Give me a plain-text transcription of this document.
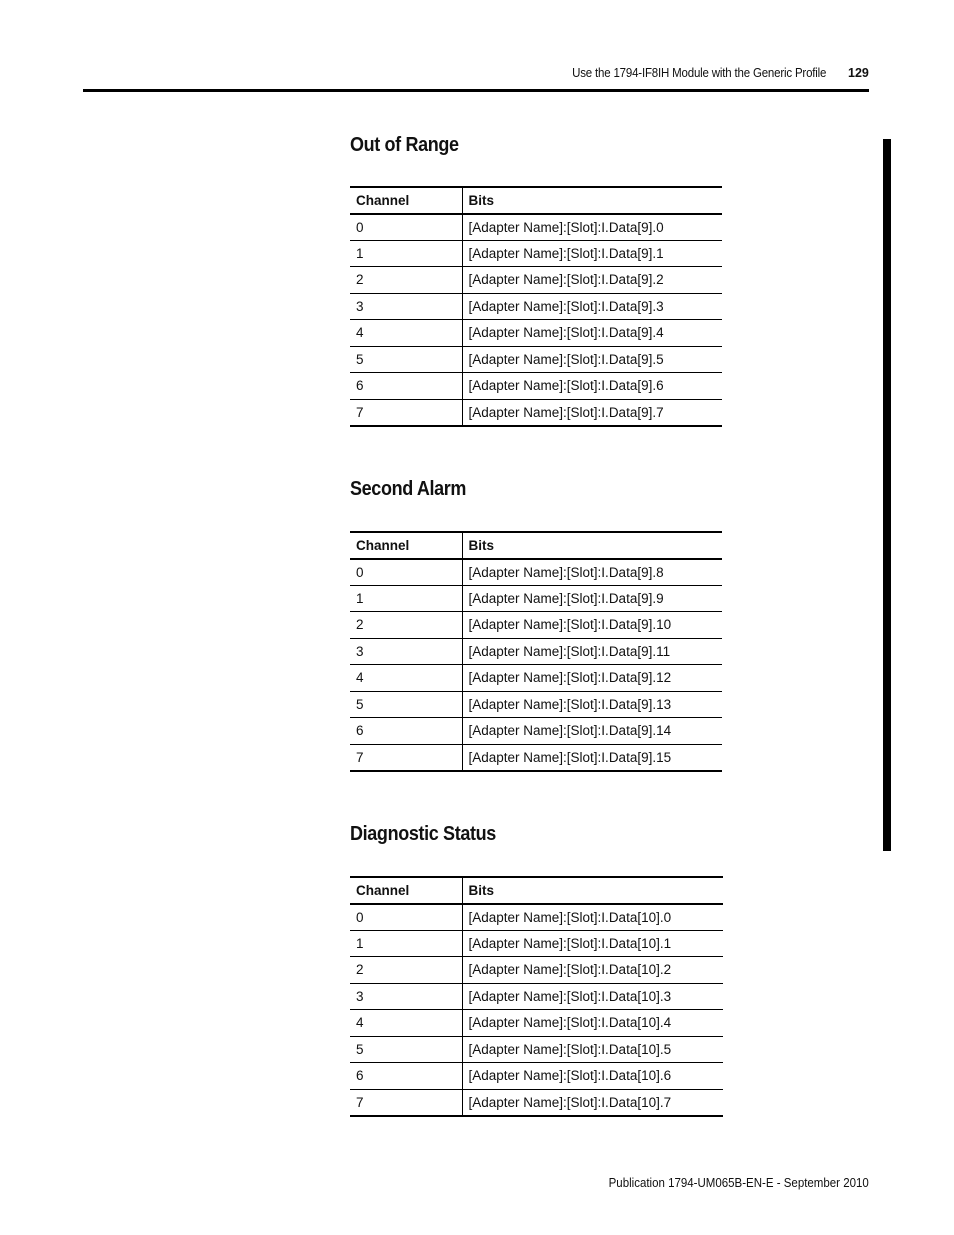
Use the 1794-IF8IH Module with the Generic Profile 129
Out of Range
Channel	Bits
0	[Adapter Name]:[Slot]:I.Data[9].0
1	[Adapter Name]:[Slot]:I.Data[9].1
2	[Adapter Name]:[Slot]:I.Data[9].2
3	[Adapter Name]:[Slot]:I.Data[9].3
4	[Adapter Name]:[Slot]:I.Data[9].4
5	[Adapter Name]:[Slot]:I.Data[9].5
6	[Adapter Name]:[Slot]:I.Data[9].6
7	[Adapter Name]:[Slot]:I.Data[9].7
Second Alarm
Channel	Bits
0	[Adapter Name]:[Slot]:I.Data[9].8
1	[Adapter Name]:[Slot]:I.Data[9].9
2	[Adapter Name]:[Slot]:I.Data[9].10
3	[Adapter Name]:[Slot]:I.Data[9].11
4	[Adapter Name]:[Slot]:I.Data[9].12
5	[Adapter Name]:[Slot]:I.Data[9].13
6	[Adapter Name]:[Slot]:I.Data[9].14
7	[Adapter Name]:[Slot]:I.Data[9].15
Diagnostic Status
Channel	Bits
0	[Adapter Name]:[Slot]:I.Data[10].0
1	[Adapter Name]:[Slot]:I.Data[10].1
2	[Adapter Name]:[Slot]:I.Data[10].2
3	[Adapter Name]:[Slot]:I.Data[10].3
4	[Adapter Name]:[Slot]:I.Data[10].4
5	[Adapter Name]:[Slot]:I.Data[10].5
6	[Adapter Name]:[Slot]:I.Data[10].6
7	[Adapter Name]:[Slot]:I.Data[10].7
Publication 1794-UM065B-EN-E - September 2010
